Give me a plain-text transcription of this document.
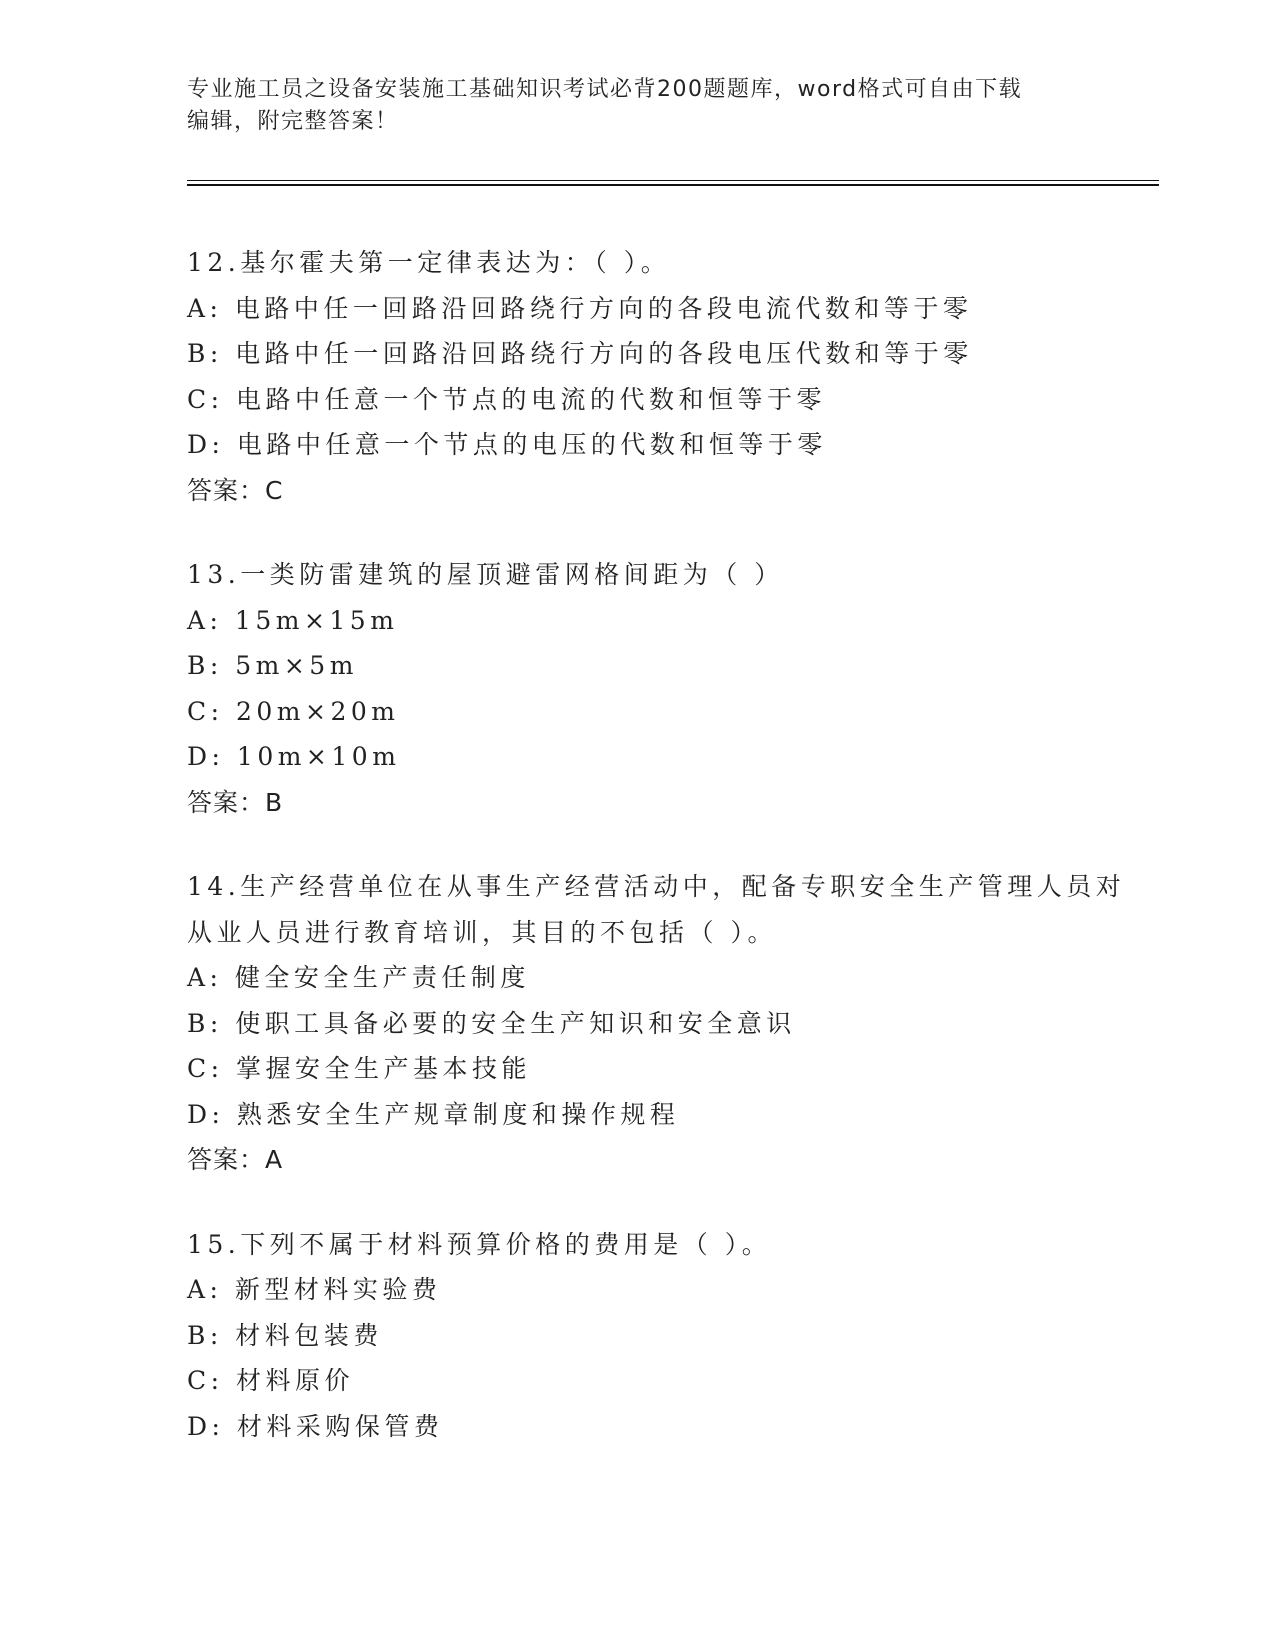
专业施工员之设备安装施工基础知识考试必背200题题库，word格式可自由下载
编辑，附完整答案！
12.基尔霍夫第一定律表达为：（ ）。
A: 电路中任一回路沿回路绕行方向的各段电流代数和等于零
B: 电路中任一回路沿回路绕行方向的各段电压代数和等于零
C: 电路中任意一个节点的电流的代数和恒等于零
D: 电路中任意一个节点的电压的代数和恒等于零
答案：C
13.一类防雷建筑的屋顶避雷网格间距为（ ）
A: 15m×15m
B: 5m×5m
C: 20m×20m
D: 10m×10m
答案：B
14.生产经营单位在从事生产经营活动中，配备专职安全生产管理人员对从业人员进行教育培训，其目的不包括（ ）。
A: 健全安全生产责任制度
B: 使职工具备必要的安全生产知识和安全意识
C: 掌握安全生产基本技能
D: 熟悉安全生产规章制度和操作规程
答案：A
15.下列不属于材料预算价格的费用是（ ）。
A: 新型材料实验费
B: 材料包装费
C: 材料原价
D: 材料采购保管费
